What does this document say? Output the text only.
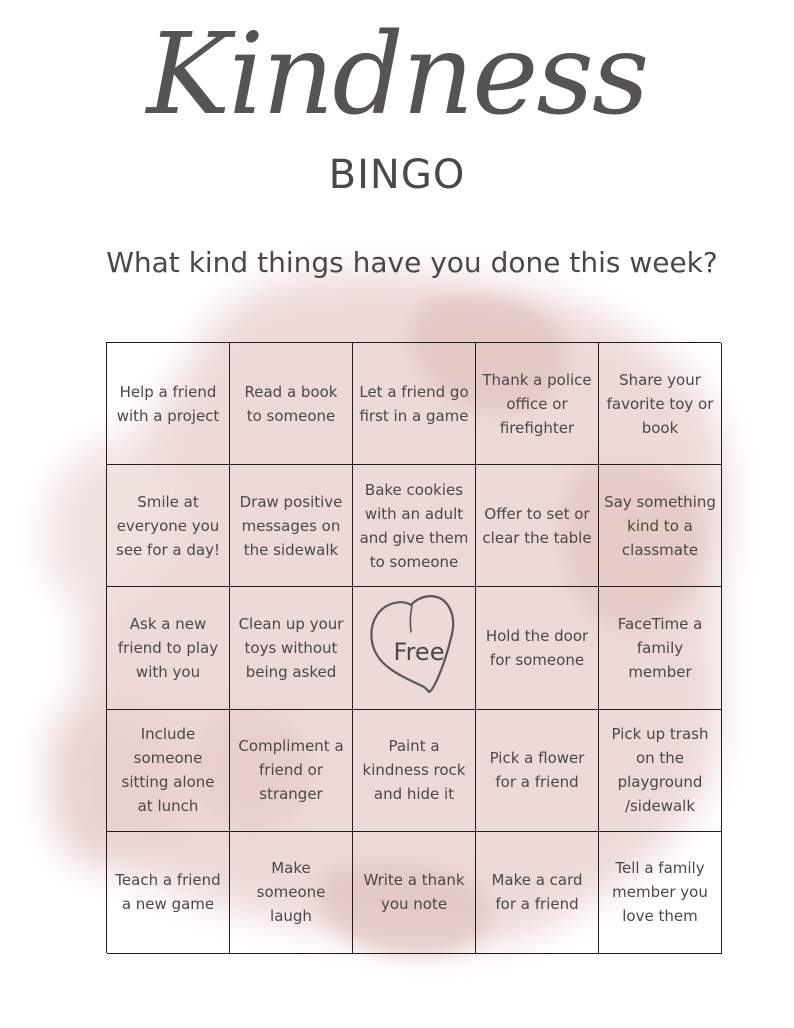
Kindness
BINGO
What kind things have you done this week?
Help a friend with a project
Read a book to someone
Let a friend go first in a game
Thank a police office or firefighter
Share your favorite toy or book
Smile at everyone you see for a day!
Draw positive messages on the sidewalk
Bake cookies with an adult and give them to someone
Offer to set or clear the table
Say something kind to a classmate
Ask a new friend to play with you
Clean up your toys without being asked
Free
Hold the door for someone
FaceTime a family member
Include someone sitting alone at lunch
Compliment a friend or stranger
Paint a kindness rock and hide it
Pick a flower for a friend
Pick up trash on the playground /sidewalk
Teach a friend a new game
Make someone laugh
Write a thank you note
Make a card for a friend
Tell a family member you love them
